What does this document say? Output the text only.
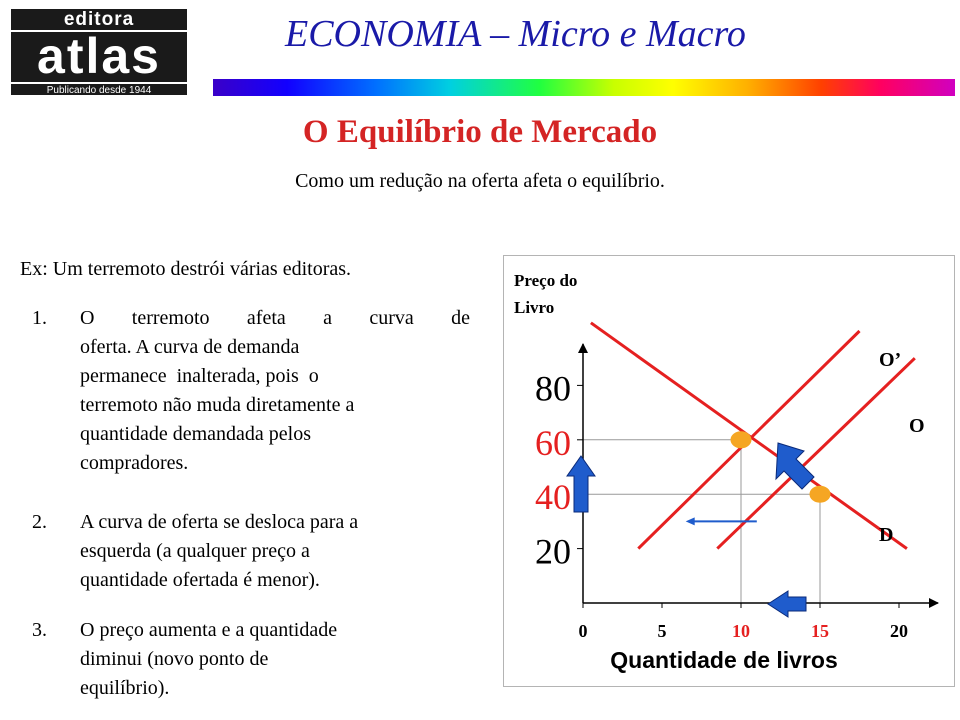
editora
atlas
Publicando desde 1944
ECONOMIA – Micro e Macro
O Equilíbrio de Mercado
Como um redução na oferta afeta o equilíbrio.
Ex: Um terremoto destrói várias editoras.
1. O terremoto afeta a curva de
oferta. A curva de demanda
permanece  inalterada, pois  o
terremoto não muda diretamente a
quantidade demandada pelos
compradores.
2. A curva de oferta se desloca para a
esquerda (a qualquer preço a
quantidade ofertada é menor).
3. O preço aumenta e a quantidade
diminui (novo ponto de
equilíbrio).
Preço do
Livro
20
40
60
80
0	5	10	15	20
O’
O
D
Quantidade de livros
